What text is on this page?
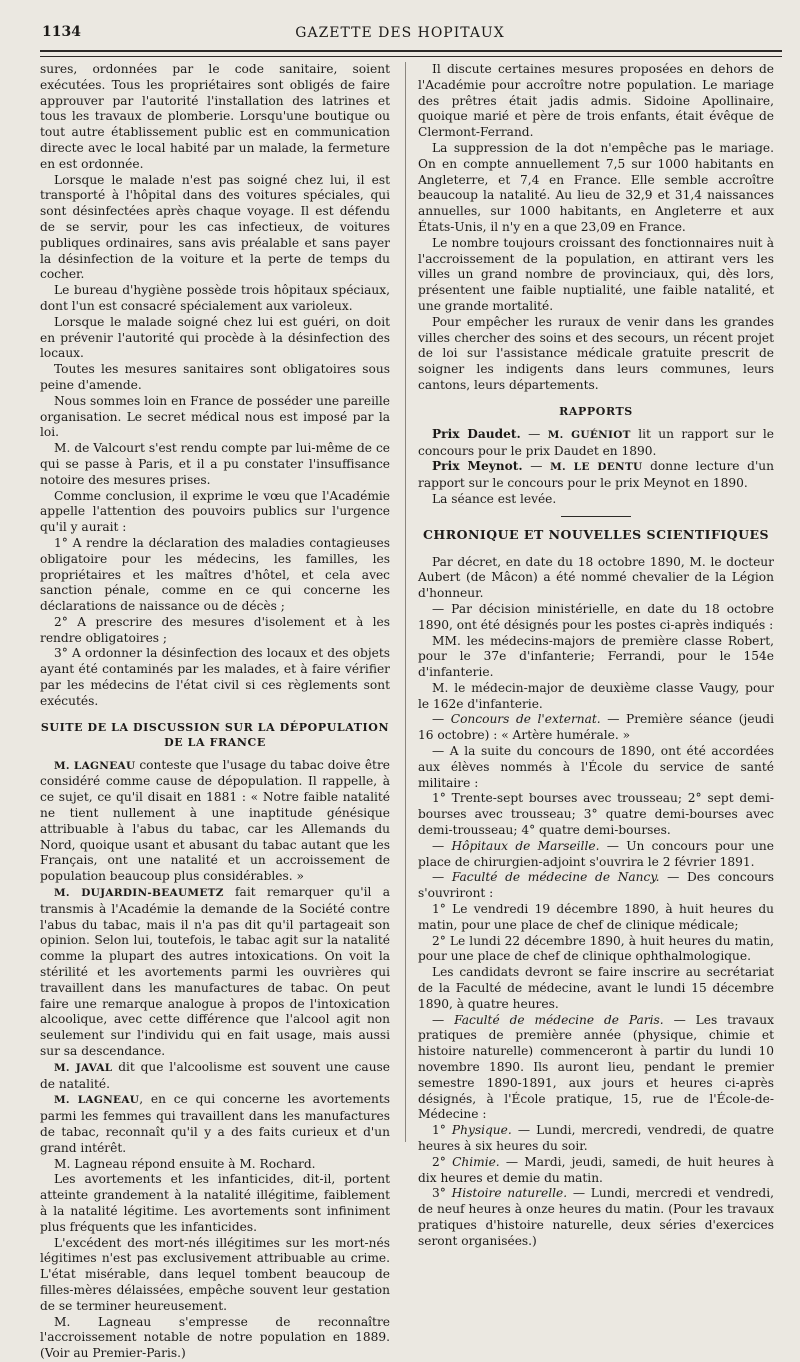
1134	GAZETTE DES HOPITAUX

sures, ordonnées par le code sanitaire, soient exécutées. Tous les propriétaires sont obligés de faire approuver par l'autorité l'installation des latrines et tous les travaux de plomberie. Lorsqu'une boutique ou tout autre établissement public est en communication directe avec le local habité par un malade, la fermeture en est ordonnée.

Lorsque le malade n'est pas soigné chez lui, il est transporté à l'hôpital dans des voitures spéciales, qui sont désinfectées après chaque voyage. Il est défendu de se servir, pour les cas infectieux, de voitures publiques ordinaires, sans avis préalable et sans payer la désinfection de la voiture et la perte de temps du cocher.

Le bureau d'hygiène possède trois hôpitaux spéciaux, dont l'un est consacré spécialement aux varioleux.

Lorsque le malade soigné chez lui est guéri, on doit en prévenir l'autorité qui procède à la désinfection des locaux.

Toutes les mesures sanitaires sont obligatoires sous peine d'amende.

Nous sommes loin en France de posséder une pareille organisation. Le secret médical nous est imposé par la loi.

M. de Valcourt s'est rendu compte par lui-même de ce qui se passe à Paris, et il a pu constater l'insuffisance notoire des mesures prises.

Comme conclusion, il exprime le vœu que l'Académie appelle l'attention des pouvoirs publics sur l'urgence qu'il y aurait :

1° A rendre la déclaration des maladies contagieuses obligatoire pour les médecins, les familles, les propriétaires et les maîtres d'hôtel, et cela avec sanction pénale, comme en ce qui concerne les déclarations de naissance ou de décès ;

2° A prescrire des mesures d'isolement et à les rendre obligatoires ;

3° A ordonner la désinfection des locaux et des objets ayant été contaminés par les malades, et à faire vérifier par les médecins de l'état civil si ces règlements sont exécutés.

SUITE DE LA DISCUSSION SUR LA DÉPOPULATION DE LA FRANCE

M. LAGNEAU conteste que l'usage du tabac doive être considéré comme cause de dépopulation. Il rappelle, à ce sujet, ce qu'il disait en 1881 : « Notre faible natalité ne tient nullement à une inaptitude génésique attribuable à l'abus du tabac, car les Allemands du Nord, quoique usant et abusant du tabac autant que les Français, ont une natalité et un accroissement de population beaucoup plus considérables. »

M. DUJARDIN-BEAUMETZ fait remarquer qu'il a transmis à l'Académie la demande de la Société contre l'abus du tabac, mais il n'a pas dit qu'il partageait son opinion. Selon lui, toutefois, le tabac agit sur la natalité comme la plupart des autres intoxications. On voit la stérilité et les avortements parmi les ouvrières qui travaillent dans les manufactures de tabac. On peut faire une remarque analogue à propos de l'intoxication alcoolique, avec cette différence que l'alcool agit non seulement sur l'individu qui en fait usage, mais aussi sur sa descendance.

M. JAVAL dit que l'alcoolisme est souvent une cause de natalité.

M. LAGNEAU, en ce qui concerne les avortements parmi les femmes qui travaillent dans les manufactures de tabac, reconnaît qu'il y a des faits curieux et d'un grand intérêt.

M. Lagneau répond ensuite à M. Rochard.

Les avortements et les infanticides, dit-il, portent atteinte grandement à la natalité illégitime, faiblement à la natalité légitime. Les avortements sont infiniment plus fréquents que les infanticides.

L'excédent des mort-nés illégitimes sur les mort-nés légitimes n'est pas exclusivement attribuable au crime. L'état misérable, dans lequel tombent beaucoup de filles-mères délaissées, empêche souvent leur gestation de se terminer heureusement.

M. Lagneau s'empresse de reconnaître l'accroissement notable de notre population en 1889. (Voir au Premier-Paris.)

Il discute certaines mesures proposées en dehors de l'Académie pour accroître notre population. Le mariage des prêtres était jadis admis. Sidoine Apollinaire, quoique marié et père de trois enfants, était évêque de Clermont-Ferrand.

La suppression de la dot n'empêche pas le mariage. On en compte annuellement 7,5 sur 1000 habitants en Angleterre, et 7,4 en France. Elle semble accroître beaucoup la natalité. Au lieu de 32,9 et 31,4 naissances annuelles, sur 1000 habitants, en Angleterre et aux États-Unis, il n'y en a que 23,09 en France.

Le nombre toujours croissant des fonctionnaires nuit à l'accroissement de la population, en attirant vers les villes un grand nombre de provinciaux, qui, dès lors, présentent une faible nuptialité, une faible natalité, et une grande mortalité.

Pour empêcher les ruraux de venir dans les grandes villes chercher des soins et des secours, un récent projet de loi sur l'assistance médicale gratuite prescrit de soigner les indigents dans leurs communes, leurs cantons, leurs départements.

RAPPORTS

Prix Daudet. — M. GUÉNIOT lit un rapport sur le concours pour le prix Daudet en 1890.

Prix Meynot. — M. LE DENTU donne lecture d'un rapport sur le concours pour le prix Meynot en 1890.

La séance est levée.

CHRONIQUE ET NOUVELLES SCIENTIFIQUES

Par décret, en date du 18 octobre 1890, M. le docteur Aubert (de Mâcon) a été nommé chevalier de la Légion d'honneur.

— Par décision ministérielle, en date du 18 octobre 1890, ont été désignés pour les postes ci-après indiqués :

MM. les médecins-majors de première classe Robert, pour le 37e d'infanterie; Ferrandi, pour le 154e d'infanterie.

M. le médecin-major de deuxième classe Vaugy, pour le 162e d'infanterie.

— Concours de l'externat. — Première séance (jeudi 16 octobre) : « Artère humérale. »

— A la suite du concours de 1890, ont été accordées aux élèves nommés à l'École du service de santé militaire :

1° Trente-sept bourses avec trousseau; 2° sept demi-bourses avec trousseau; 3° quatre demi-bourses avec demi-trousseau; 4° quatre demi-bourses.

— Hôpitaux de Marseille. — Un concours pour une place de chirurgien-adjoint s'ouvrira le 2 février 1891.

— Faculté de médecine de Nancy. — Des concours s'ouvriront :

1° Le vendredi 19 décembre 1890, à huit heures du matin, pour une place de chef de clinique médicale;

2° Le lundi 22 décembre 1890, à huit heures du matin, pour une place de chef de clinique ophthalmologique.

Les candidats devront se faire inscrire au secrétariat de la Faculté de médecine, avant le lundi 15 décembre 1890, à quatre heures.

— Faculté de médecine de Paris. — Les travaux pratiques de première année (physique, chimie et histoire naturelle) commenceront à partir du lundi 10 novembre 1890. Ils auront lieu, pendant le premier semestre 1890-1891, aux jours et heures ci-après désignés, à l'École pratique, 15, rue de l'École-de-Médecine :

1° Physique. — Lundi, mercredi, vendredi, de quatre heures à six heures du soir.

2° Chimie. — Mardi, jeudi, samedi, de huit heures à dix heures et demie du matin.

3° Histoire naturelle. — Lundi, mercredi et vendredi, de neuf heures à onze heures du matin. (Pour les travaux pratiques d'histoire naturelle, deux séries d'exercices seront organisées.)
